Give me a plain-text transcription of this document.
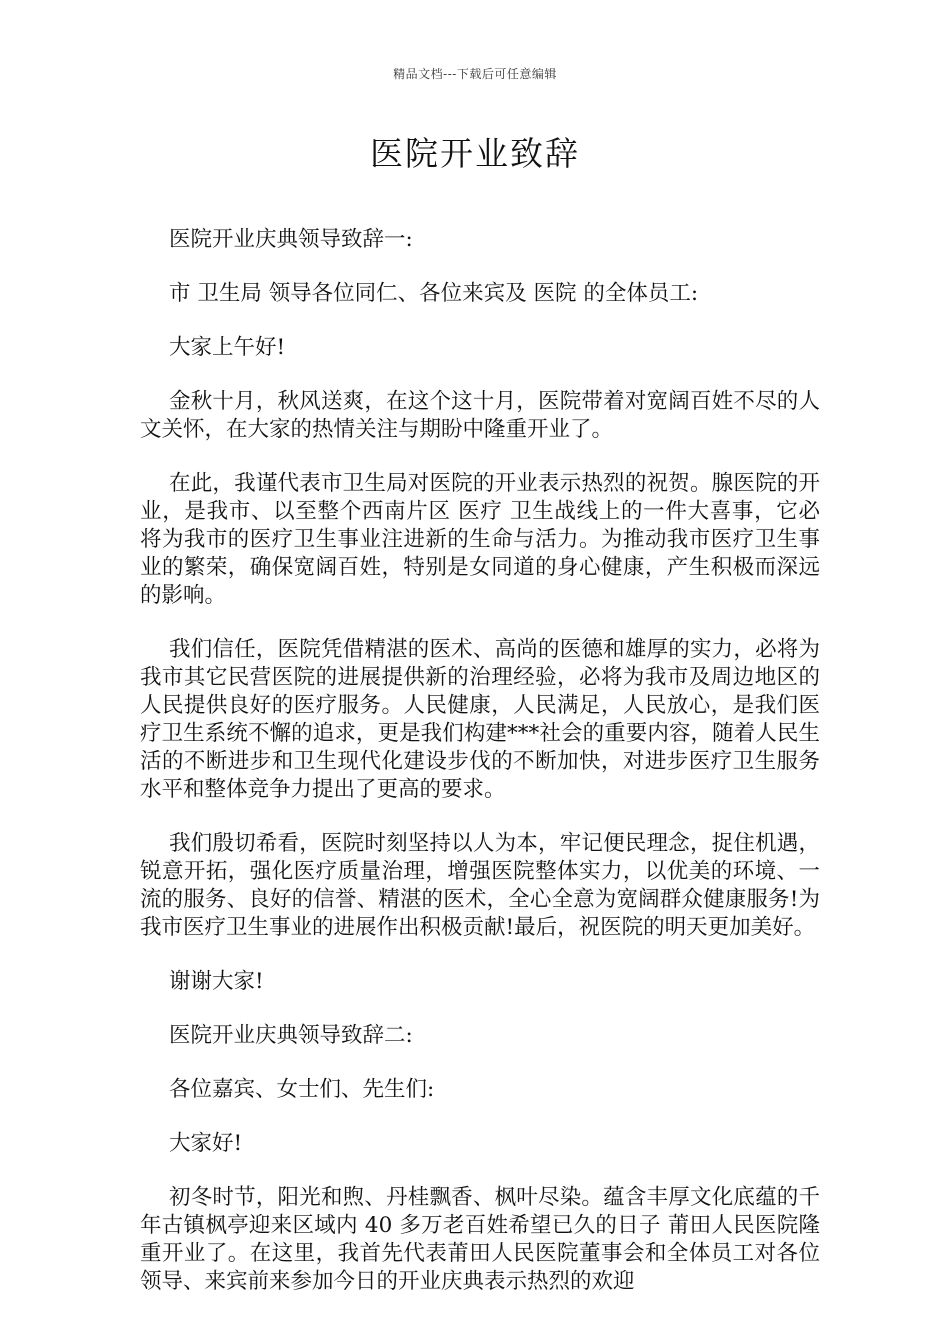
精品文档---下载后可任意编辑
医院开业致辞

医院开业庆典领导致辞一:

市 卫生局 领导各位同仁、各位来宾及 医院 的全体员工:

大家上午好!

金秋十月，秋风送爽，在这个这十月，医院带着对宽阔百姓不尽的人文关怀，在大家的热情关注与期盼中隆重开业了。

在此，我谨代表市卫生局对医院的开业表示热烈的祝贺。腺医院的开业，是我市、以至整个西南片区 医疗 卫生战线上的一件大喜事，它必将为我市的医疗卫生事业注进新的生命与活力。为推动我市医疗卫生事业的繁荣，确保宽阔百姓，特别是女同道的身心健康，产生积极而深远的影响。

我们信任，医院凭借精湛的医术、高尚的医德和雄厚的实力，必将为我市其它民营医院的进展提供新的治理经验，必将为我市及周边地区的人民提供良好的医疗服务。人民健康，人民满足，人民放心，是我们医疗卫生系统不懈的追求，更是我们构建***社会的重要内容，随着人民生活的不断进步和卫生现代化建设步伐的不断加快，对进步医疗卫生服务水平和整体竞争力提出了更高的要求。

我们殷切希看，医院时刻坚持以人为本，牢记便民理念，捉住机遇，锐意开拓，强化医疗质量治理，增强医院整体实力，以优美的环境、一流的服务、良好的信誉、精湛的医术，全心全意为宽阔群众健康服务!为我市医疗卫生事业的进展作出积极贡献!最后，祝医院的明天更加美好。

谢谢大家!

医院开业庆典领导致辞二:

各位嘉宾、女士们、先生们:

大家好!

初冬时节，阳光和煦、丹桂飘香、枫叶尽染。蕴含丰厚文化底蕴的千年古镇枫亭迎来区域内 40 多万老百姓希望已久的日子 莆田人民医院隆重开业了。在这里，我首先代表莆田人民医院董事会和全体员工对各位领导、来宾前来参加今日的开业庆典表示热烈的欢迎
